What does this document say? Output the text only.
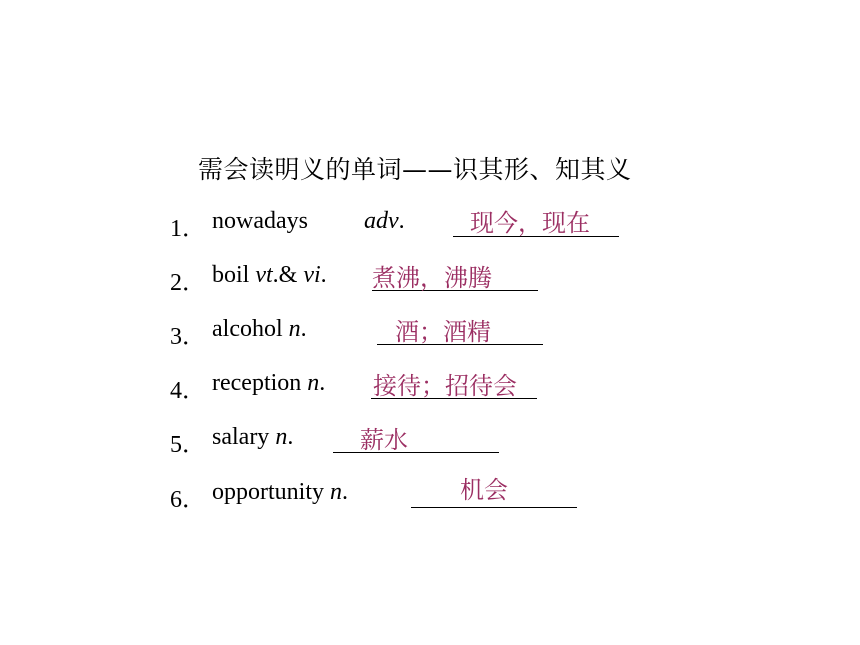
需会读明义的单词——识其形、知其义
1． nowadays adv.	现今，现在
2． boil vt.& vi. 煮沸，沸腾
3． alcohol n.	酒；酒精
4． reception n. 接待；招待会
5． salary n.	薪水
6． opportunity n.	机会
